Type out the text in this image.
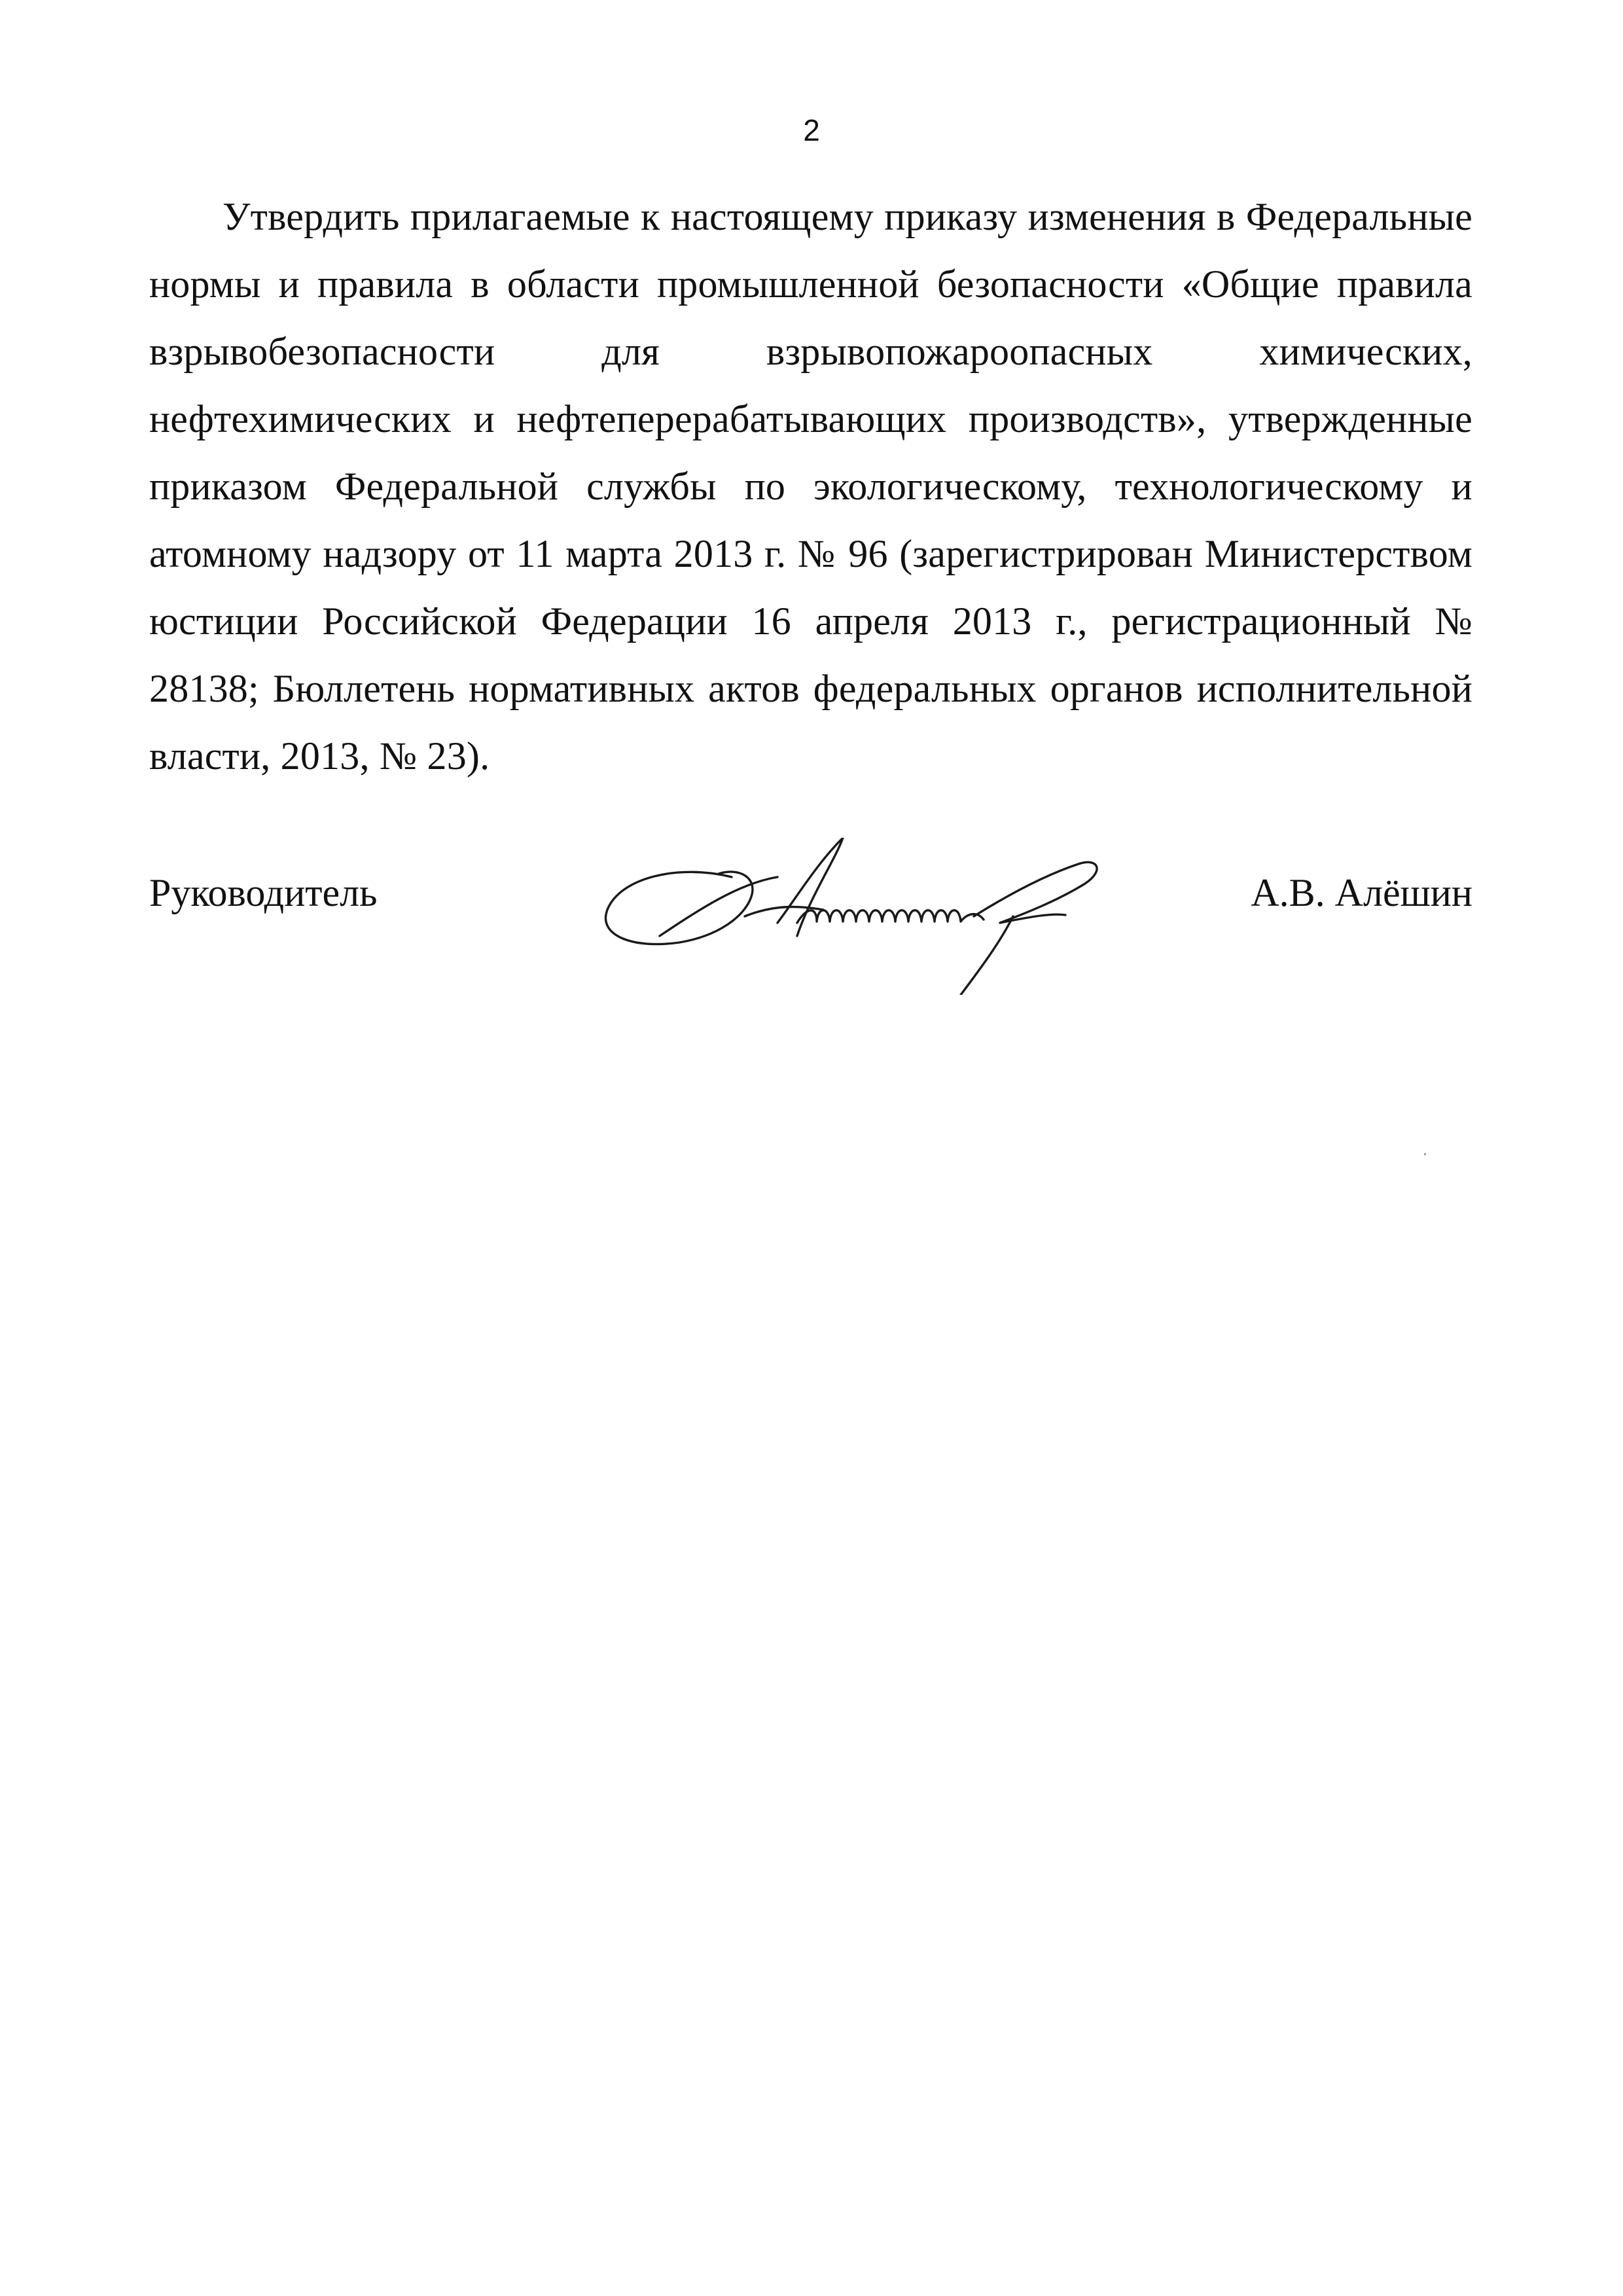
2

Утвердить прилагаемые к настоящему приказу изменения в Федеральные нормы и правила в области промышленной безопасности «Общие правила взрывобезопасности для взрывопожароопасных химических, нефтехимических и нефтеперерабатывающих производств», утвержденные приказом Федеральной службы по экологическому, технологическому и атомному надзору от 11 марта 2013 г. № 96 (зарегистрирован Министерством юстиции Российской Федерации 16 апреля 2013 г., регистрационный № 28138; Бюллетень нормативных актов федеральных органов исполнительной власти, 2013, № 23).

Руководитель	А.В. Алёшин
